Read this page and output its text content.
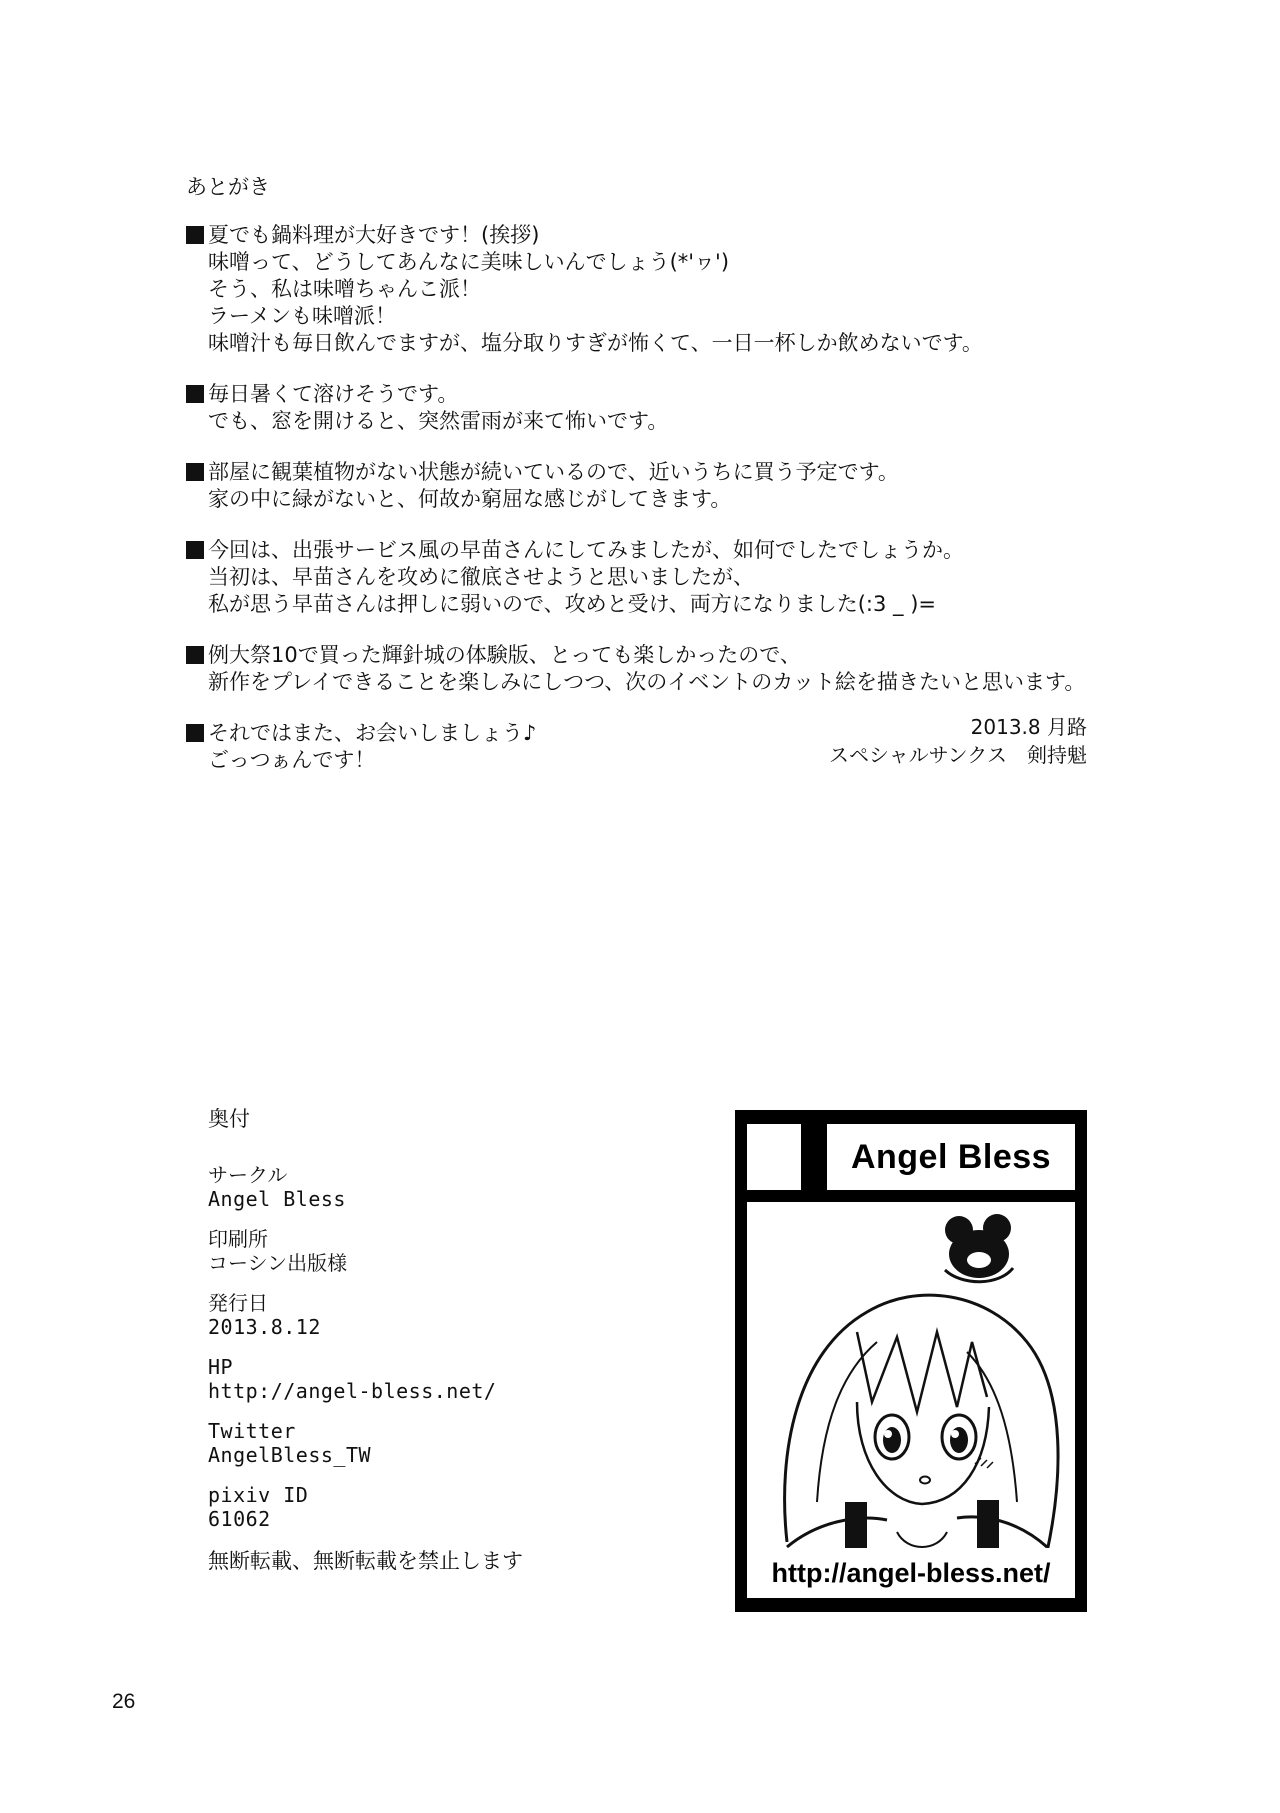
あとがき
夏でも鍋料理が大好きです！(挨拶)
味噌って、どうしてあんなに美味しいんでしょう(*'ヮ')
そう、私は味噌ちゃんこ派！
ラーメンも味噌派！
味噌汁も毎日飲んでますが、塩分取りすぎが怖くて、一日一杯しか飲めないです。
毎日暑くて溶けそうです。
でも、窓を開けると、突然雷雨が来て怖いです。
部屋に観葉植物がない状態が続いているので、近いうちに買う予定です。
家の中に緑がないと、何故か窮屈な感じがしてきます。
今回は、出張サービス風の早苗さんにしてみましたが、如何でしたでしょうか。
当初は、早苗さんを攻めに徹底させようと思いましたが、
私が思う早苗さんは押しに弱いので、攻めと受け、両方になりました(:3 _ )=
例大祭10で買った輝針城の体験版、とっても楽しかったので、
新作をプレイできることを楽しみにしつつ、次のイベントのカット絵を描きたいと思います。
それではまた、お会いしましょう♪
ごっつぁんです！
2013.8 月路
スペシャルサンクス　剣持魁
奥付
サークル
Angel Bless
印刷所
コーシン出版様
発行日
2013.8.12
HP
http://angel-bless.net/
Twitter
AngelBless_TW
pixiv ID
61062
無断転載、無断転載を禁止します
Angel Bless
http://angel-bless.net/
26
